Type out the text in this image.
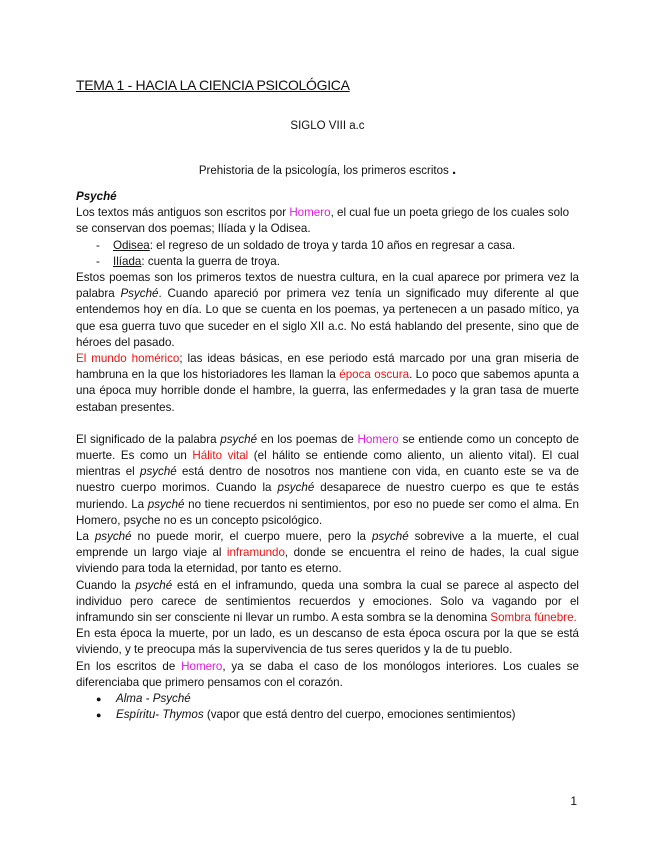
TEMA 1 - HACIA LA CIENCIA PSICOLÓGICA
SIGLO VIII a.c
Prehistoria de la psicología, los primeros escritos .

Psyché

Los textos más antiguos son escritos por Homero, el cual fue un poeta griego de los cuales solo se conservan dos poemas; Ilíada y la Odisea.

- Odisea: el regreso de un soldado de troya y tarda 10 años en regresar a casa.
- Ilíada: cuenta la guerra de troya.

Estos poemas son los primeros textos de nuestra cultura, en la cual aparece por primera vez la palabra Psyché. Cuando apareció por primera vez tenía un significado muy diferente al que entendemos hoy en día. Lo que se cuenta en los poemas, ya pertenecen a un pasado mítico, ya que esa guerra tuvo que suceder en el siglo XII a.c. No está hablando del presente, sino que de héroes del pasado.

El mundo homérico; las ideas básicas, en ese periodo está marcado por una gran miseria de hambruna en la que los historiadores les llaman la época oscura. Lo poco que sabemos apunta a una época muy horrible donde el hambre, la guerra, las enfermedades y la gran tasa de muerte estaban presentes.

El significado de la palabra psyché en los poemas de Homero se entiende como un concepto de muerte. Es como un Hálito vital (el hálito se entiende como aliento, un aliento vital). El cual mientras el psyché está dentro de nosotros nos mantiene con vida, en cuanto este se va de nuestro cuerpo morimos. Cuando la psyché desaparece de nuestro cuerpo es que te estás muriendo. La psyché no tiene recuerdos ni sentimientos, por eso no puede ser como el alma. En Homero, psyche no es un concepto psicológico.

La psyché no puede morir, el cuerpo muere, pero la psyché sobrevive a la muerte, el cual emprende un largo viaje al inframundo, donde se encuentra el reino de hades, la cual sigue viviendo para toda la eternidad, por tanto es eterno.

Cuando la psyché está en el inframundo, queda una sombra la cual se parece al aspecto del individuo pero carece de sentimientos recuerdos y emociones. Solo va vagando por el inframundo sin ser consciente ni llevar un rumbo. A esta sombra se la denomina Sombra fúnebre.

En esta época la muerte, por un lado, es un descanso de esta época oscura por la que se está viviendo, y te preocupa más la supervivencia de tus seres queridos y la de tu pueblo.

En los escritos de Homero, ya se daba el caso de los monólogos interiores. Los cuales se diferenciaba que primero pensamos con el corazón.

● Alma - Psyché
● Espíritu- Thymos (vapor que está dentro del cuerpo, emociones sentimientos)
1
